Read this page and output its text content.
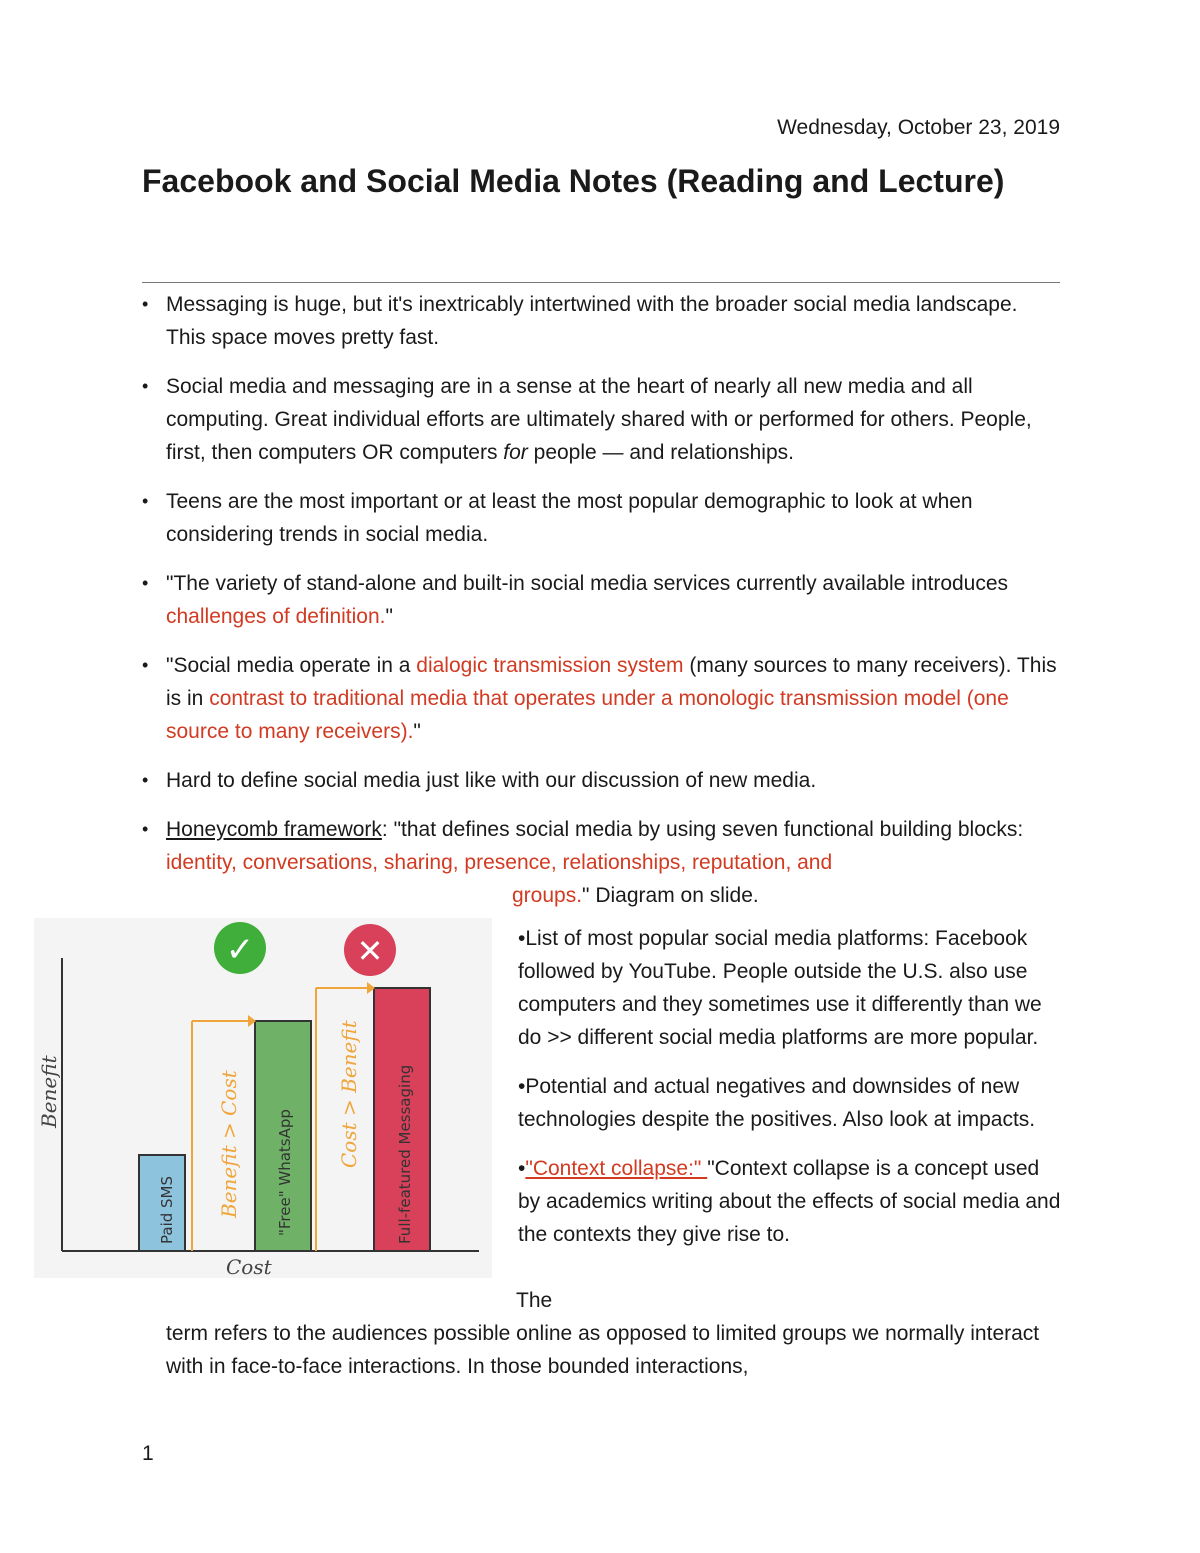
Wednesday, October 23, 2019
Facebook and Social Media Notes (Reading and Lecture)
• Messaging is huge, but it's inextricably intertwined with the broader social media landscape. This space moves pretty fast.
• Social media and messaging are in a sense at the heart of nearly all new media and all computing. Great individual efforts are ultimately shared with or performed for others. People, first, then computers OR computers for people — and relationships.
• Teens are the most important or at least the most popular demographic to look at when considering trends in social media.
• "The variety of stand-alone and built-in social media services currently available introduces challenges of definition."
• "Social media operate in a dialogic transmission system (many sources to many receivers). This is in contrast to traditional media that operates under a monologic transmission model (one source to many receivers)."
• Hard to define social media just like with our discussion of new media.
• Honeycomb framework: "that defines social media by using seven functional building blocks: identity, conversations, sharing, presence, relationships, reputation, and
groups." Diagram on slide.
Benefit
Cost
Paid SMS	"Free" WhatsApp	Full-featured Messaging
Benefit > Cost	Cost > Benefit
✓	✕	•List of most popular social media platforms: Facebook followed by YouTube. People outside the U.S. also use computers and they sometimes use it differently than we do >> different social media platforms are more popular.

•Potential and actual negatives and downsides of new technologies despite the positives. Also look at impacts.

•"Context collapse:" "Context collapse is a concept used by academics writing about the effects of social media and the contexts they give rise to.

The
term refers to the audiences possible online as opposed to limited groups we normally interact with in face-to-face interactions. In those bounded interactions,
1
